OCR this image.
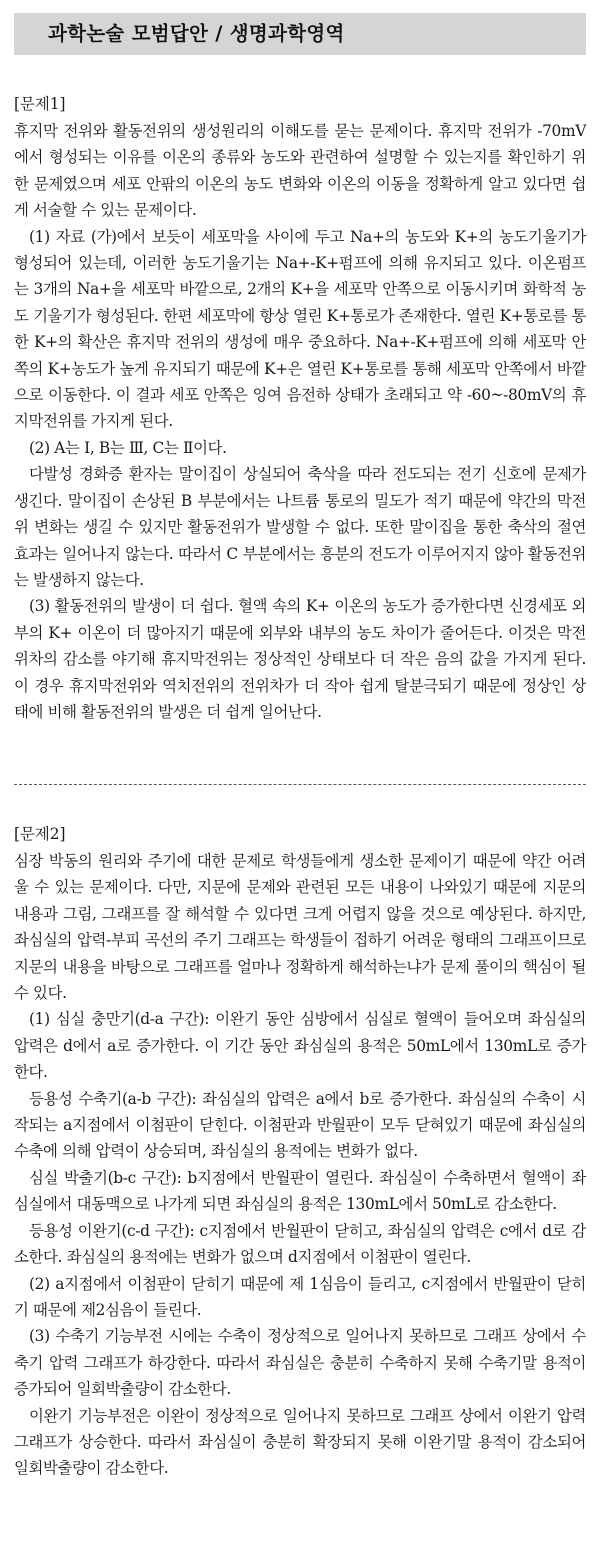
과학논술 모범답안 / 생명과학영역
[문제1]

휴지막 전위와 활동전위의 생성원리의 이해도를 묻는 문제이다. 휴지막 전위가 -70mV에서 형성되는 이유를 이온의 종류와 농도와 관련하여 설명할 수 있는지를 확인하기 위한 문제였으며 세포 안팎의 이온의 농도 변화와 이온의 이동을 정확하게 알고 있다면 쉽게 서술할 수 있는 문제이다.

(1) 자료 (가)에서 보듯이 세포막을 사이에 두고 Na+의 농도와 K+의 농도기울기가 형성되어 있는데, 이러한 농도기울기는 Na+-K+펌프에 의해 유지되고 있다. 이온펌프는 3개의 Na+을 세포막 바깥으로, 2개의 K+을 세포막 안쪽으로 이동시키며 화학적 농도 기울기가 형성된다. 한편 세포막에 항상 열린 K+통로가 존재한다. 열린 K+통로를 통한 K+의 확산은 휴지막 전위의 생성에 매우 중요하다. Na+-K+펌프에 의해 세포막 안쪽의 K+농도가 높게 유지되기 때문에 K+은 열린 K+통로를 통해 세포막 안쪽에서 바깥으로 이동한다. 이 결과 세포 안쪽은 잉여 음전하 상태가 초래되고 약 -60~-80mV의 휴지막전위를 가지게 된다.

(2) A는 Ⅰ, B는 Ⅲ, C는 Ⅱ이다.

다발성 경화증 환자는 말이집이 상실되어 축삭을 따라 전도되는 전기 신호에 문제가 생긴다. 말이집이 손상된 B 부분에서는 나트륨 통로의 밀도가 적기 때문에 약간의 막전위 변화는 생길 수 있지만 활동전위가 발생할 수 없다. 또한 말이집을 통한 축삭의 절연 효과는 일어나지 않는다. 따라서 C 부분에서는 흥분의 전도가 이루어지지 않아 활동전위는 발생하지 않는다.

(3) 활동전위의 발생이 더 쉽다. 혈액 속의 K+ 이온의 농도가 증가한다면 신경세포 외부의 K+ 이온이 더 많아지기 때문에 외부와 내부의 농도 차이가 줄어든다. 이것은 막전위차의 감소를 야기해 휴지막전위는 정상적인 상태보다 더 작은 음의 값을 가지게 된다. 이 경우 휴지막전위와 역치전위의 전위차가 더 작아 쉽게 탈분극되기 때문에 정상인 상태에 비해 활동전위의 발생은 더 쉽게 일어난다.

[문제2]

심장 박동의 원리와 주기에 대한 문제로 학생들에게 생소한 문제이기 때문에 약간 어려울 수 있는 문제이다. 다만, 지문에 문제와 관련된 모든 내용이 나와있기 때문에 지문의 내용과 그림, 그래프를 잘 해석할 수 있다면 크게 어렵지 않을 것으로 예상된다. 하지만, 좌심실의 압력-부피 곡선의 주기 그래프는 학생들이 접하기 어려운 형태의 그래프이므로 지문의 내용을 바탕으로 그래프를 얼마나 정확하게 해석하는냐가 문제 풀이의 핵심이 될 수 있다.

(1) 심실 충만기(d-a 구간): 이완기 동안 심방에서 심실로 혈액이 들어오며 좌심실의 압력은 d에서 a로 증가한다. 이 기간 동안 좌심실의 용적은 50mL에서 130mL로 증가한다.

등용성 수축기(a-b 구간): 좌심실의 압력은 a에서 b로 증가한다. 좌심실의 수축이 시작되는 a지점에서 이첨판이 닫힌다. 이첨판과 반월판이 모두 닫혀있기 때문에 좌심실의 수축에 의해 압력이 상승되며, 좌심실의 용적에는 변화가 없다.

심실 박출기(b-c 구간): b지점에서 반월판이 열린다. 좌심실이 수축하면서 혈액이 좌심실에서 대동맥으로 나가게 되면 좌심실의 용적은 130mL에서 50mL로 감소한다.

등용성 이완기(c-d 구간): c지점에서 반월판이 닫히고, 좌심실의 압력은 c에서 d로 감소한다. 좌심실의 용적에는 변화가 없으며 d지점에서 이첨판이 열린다.

(2) a지점에서 이첨판이 닫히기 때문에 제 1심음이 들리고, c지점에서 반월판이 닫히기 때문에 제2심음이 들린다.

(3) 수축기 기능부전 시에는 수축이 정상적으로 일어나지 못하므로 그래프 상에서 수축기 압력 그래프가 하강한다. 따라서 좌심실은 충분히 수축하지 못해 수축기말 용적이 증가되어 일회박출량이 감소한다.

이완기 기능부전은 이완이 정상적으로 일어나지 못하므로 그래프 상에서 이완기 압력 그래프가 상승한다. 따라서 좌심실이 충분히 확장되지 못해 이완기말 용적이 감소되어 일회박출량이 감소한다.
